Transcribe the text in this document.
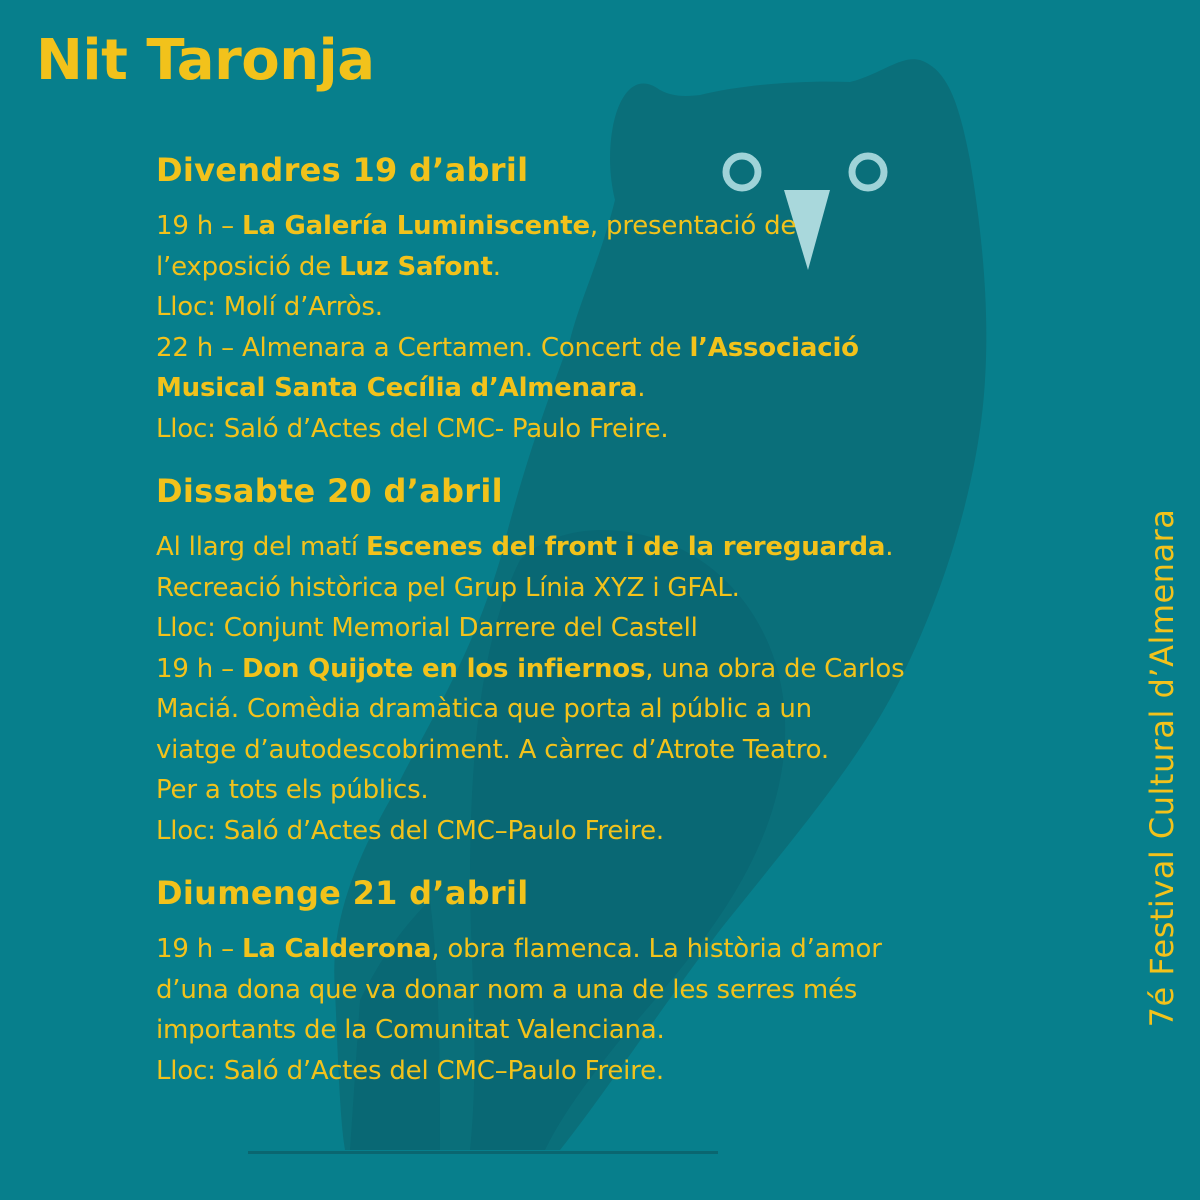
Nit Taronja
7é Festival Cultural d’Almenara
Divendres 19 d’abril
19 h – La Galería Luminiscente, presentació de
l’exposició de Luz Safont.
Lloc: Molí d’Arròs.
22 h – Almenara a Certamen. Concert de l’Associació
Musical Santa Cecília d’Almenara.
Lloc: Saló d’Actes del CMC- Paulo Freire.
Dissabte 20 d’abril
Al llarg del matí Escenes del front i de la rereguarda.
Recreació històrica pel Grup Línia XYZ i GFAL.
Lloc: Conjunt Memorial Darrere del Castell
19 h – Don Quijote en los infiernos, una obra de Carlos
Maciá. Comèdia dramàtica que porta al públic a un
viatge d’autodescobriment. A càrrec d’Atrote Teatro.
Per a tots els públics.
Lloc: Saló d’Actes del CMC–Paulo Freire.
Diumenge 21 d’abril
19 h – La Calderona, obra flamenca. La història d’amor
d’una dona que va donar nom a una de les serres més
importants de la Comunitat Valenciana.
Lloc: Saló d’Actes del CMC–Paulo Freire.
